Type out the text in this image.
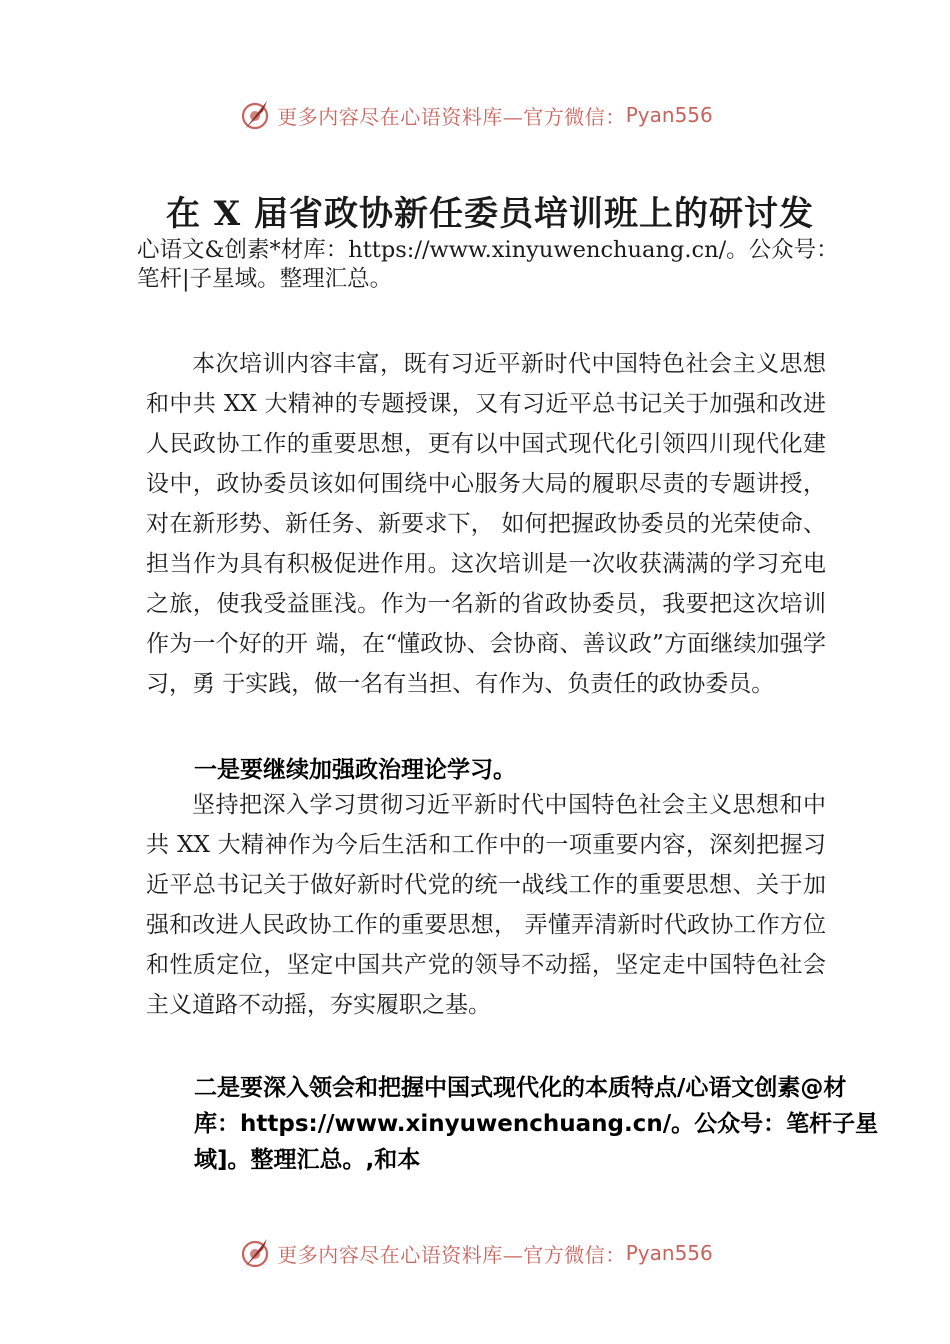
更多内容尽在心语资料库—官方微信： Pyan556
在 X 届省政协新任委员培训班上的研讨发
心语文&创素*材库：https://www.xinyuwenchuang.cn/。公众号：笔杆|子星域。整理汇总。

本次培训内容丰富，既有习近平新时代中国特色社会主义思想和中共 XX 大精神的专题授课，又有习近平总书记关于加强和改进人民政协工作的重要思想，更有以中国式现代化引领四川现代化建设中，政协委员该如何围绕中心服务大局的履职尽责的专题讲授，对在新形势、新任务、新要求下， 如何把握政协委员的光荣使命、担当作为具有积极促进作用。这次培训是一次收获满满的学习充电之旅，使我受益匪浅。作为一名新的省政协委员，我要把这次培训作为一个好的开 端，在“懂政协、会协商、善议政”方面继续加强学习，勇 于实践，做一名有当担、有作为、负责任的政协委员。

一是要继续加强政治理论学习。

坚持把深入学习贯彻习近平新时代中国特色社会主义思想和中共 XX 大精神作为今后生活和工作中的一项重要内容，深刻把握习近平总书记关于做好新时代党的统一战线工作的重要思想、关于加强和改进人民政协工作的重要思想， 弄懂弄清新时代政协工作方位和性质定位，坚定中国共产党的领导不动摇，坚定走中国特色社会主义道路不动摇，夯实履职之基。

二是要深入领会和把握中国式现代化的本质特点/心语文创素@材库：https://www.xinyuwenchuang.cn/。公众号：笔杆子星域]。整理汇总。,和本

更多内容尽在心语资料库—官方微信： Pyan556
